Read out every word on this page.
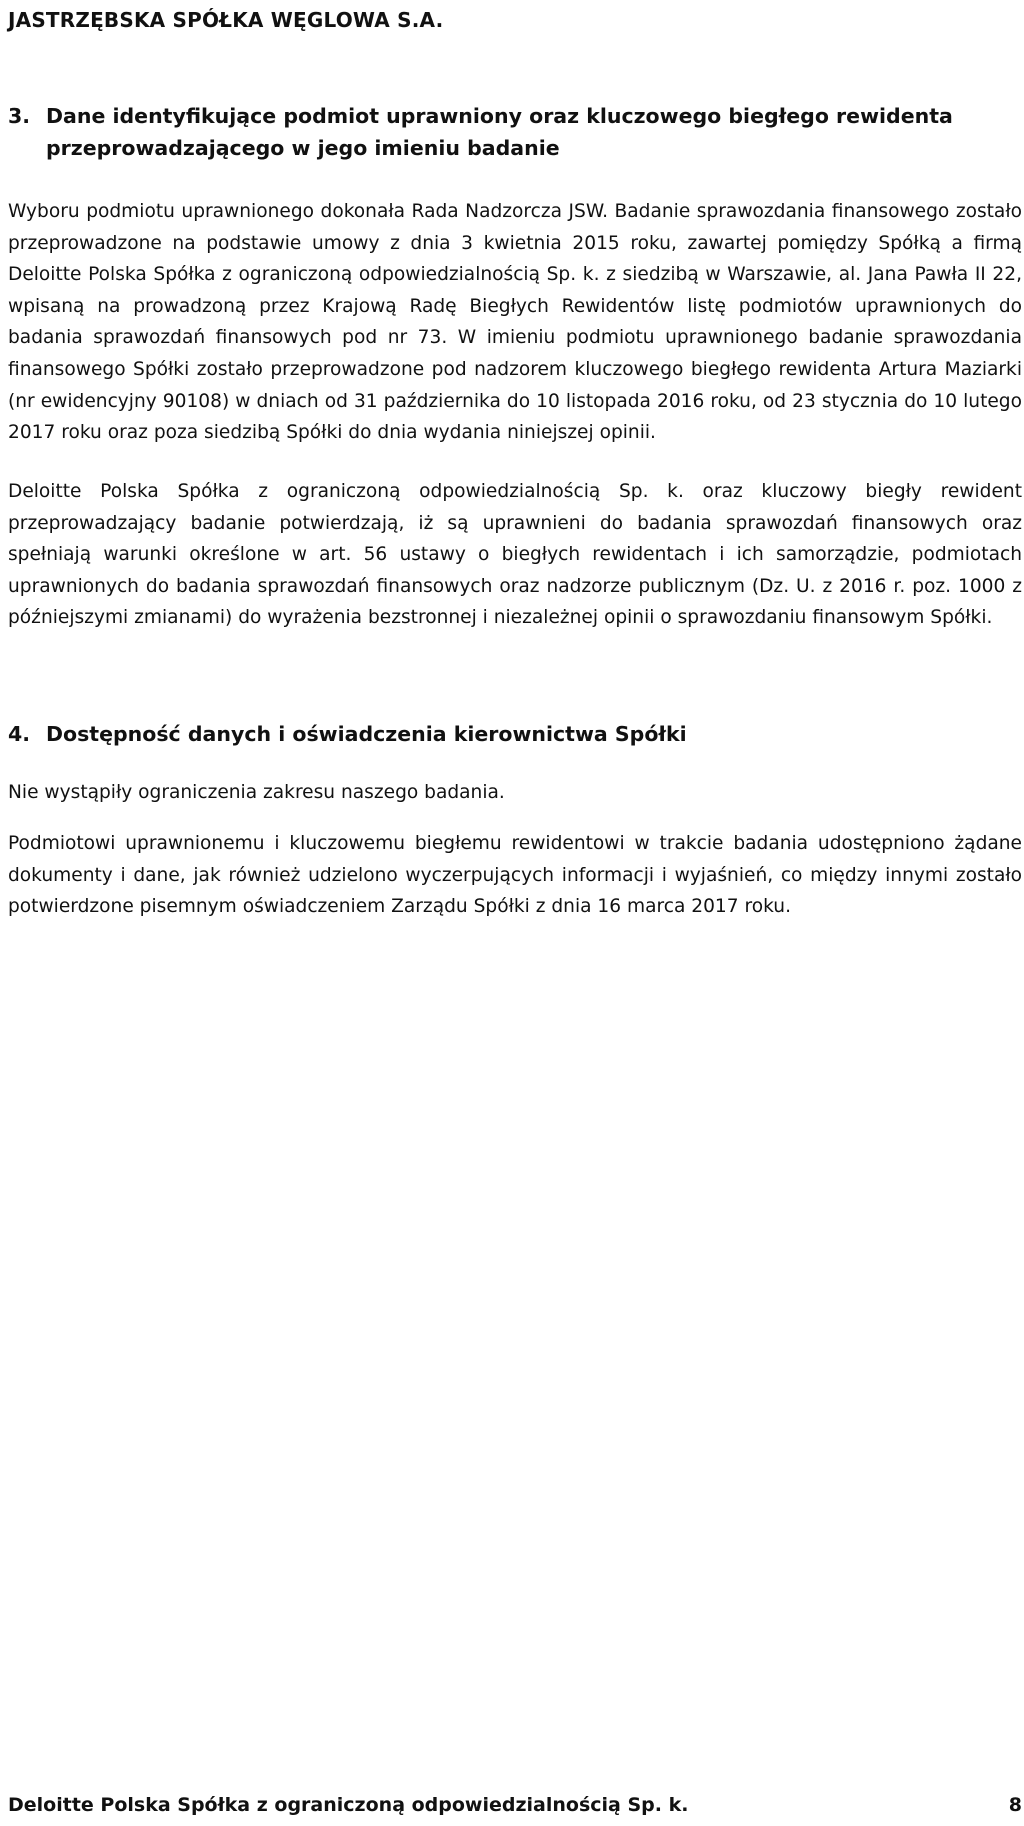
JASTRZĘBSKA SPÓŁKA WĘGLOWA S.A.
3. Dane identyfikujące podmiot uprawniony oraz kluczowego biegłego rewidenta przeprowadzającego w jego imieniu badanie

Wyboru podmiotu uprawnionego dokonała Rada Nadzorcza JSW. Badanie sprawozdania finansowego zostało przeprowadzone na podstawie umowy z dnia 3 kwietnia 2015 roku, zawartej pomiędzy Spółką a firmą Deloitte Polska Spółka z ograniczoną odpowiedzialnością Sp. k. z siedzibą w Warszawie, al. Jana Pawła II 22, wpisaną na prowadzoną przez Krajową Radę Biegłych Rewidentów listę podmiotów uprawnionych do badania sprawozdań finansowych pod nr 73. W imieniu podmiotu uprawnionego badanie sprawozdania finansowego Spółki zostało przeprowadzone pod nadzorem kluczowego biegłego rewidenta Artura Maziarki (nr ewidencyjny 90108) w dniach od 31 października do 10 listopada 2016 roku, od 23 stycznia do 10 lutego 2017 roku oraz poza siedzibą Spółki do dnia wydania niniejszej opinii.

Deloitte Polska Spółka z ograniczoną odpowiedzialnością Sp. k. oraz kluczowy biegły rewident przeprowadzający badanie potwierdzają, iż są uprawnieni do badania sprawozdań finansowych oraz spełniają warunki określone w art. 56 ustawy o biegłych rewidentach i ich samorządzie, podmiotach uprawnionych do badania sprawozdań finansowych oraz nadzorze publicznym (Dz. U. z 2016 r. poz. 1000 z późniejszymi zmianami) do wyrażenia bezstronnej i niezależnej opinii o sprawozdaniu finansowym Spółki.

4. Dostępność danych i oświadczenia kierownictwa Spółki

Nie wystąpiły ograniczenia zakresu naszego badania.

Podmiotowi uprawnionemu i kluczowemu biegłemu rewidentowi w trakcie badania udostępniono żądane dokumenty i dane, jak również udzielono wyczerpujących informacji i wyjaśnień, co między innymi zostało potwierdzone pisemnym oświadczeniem Zarządu Spółki z dnia 16 marca 2017 roku.

Deloitte Polska Spółka z ograniczoną odpowiedzialnością Sp. k.	8
